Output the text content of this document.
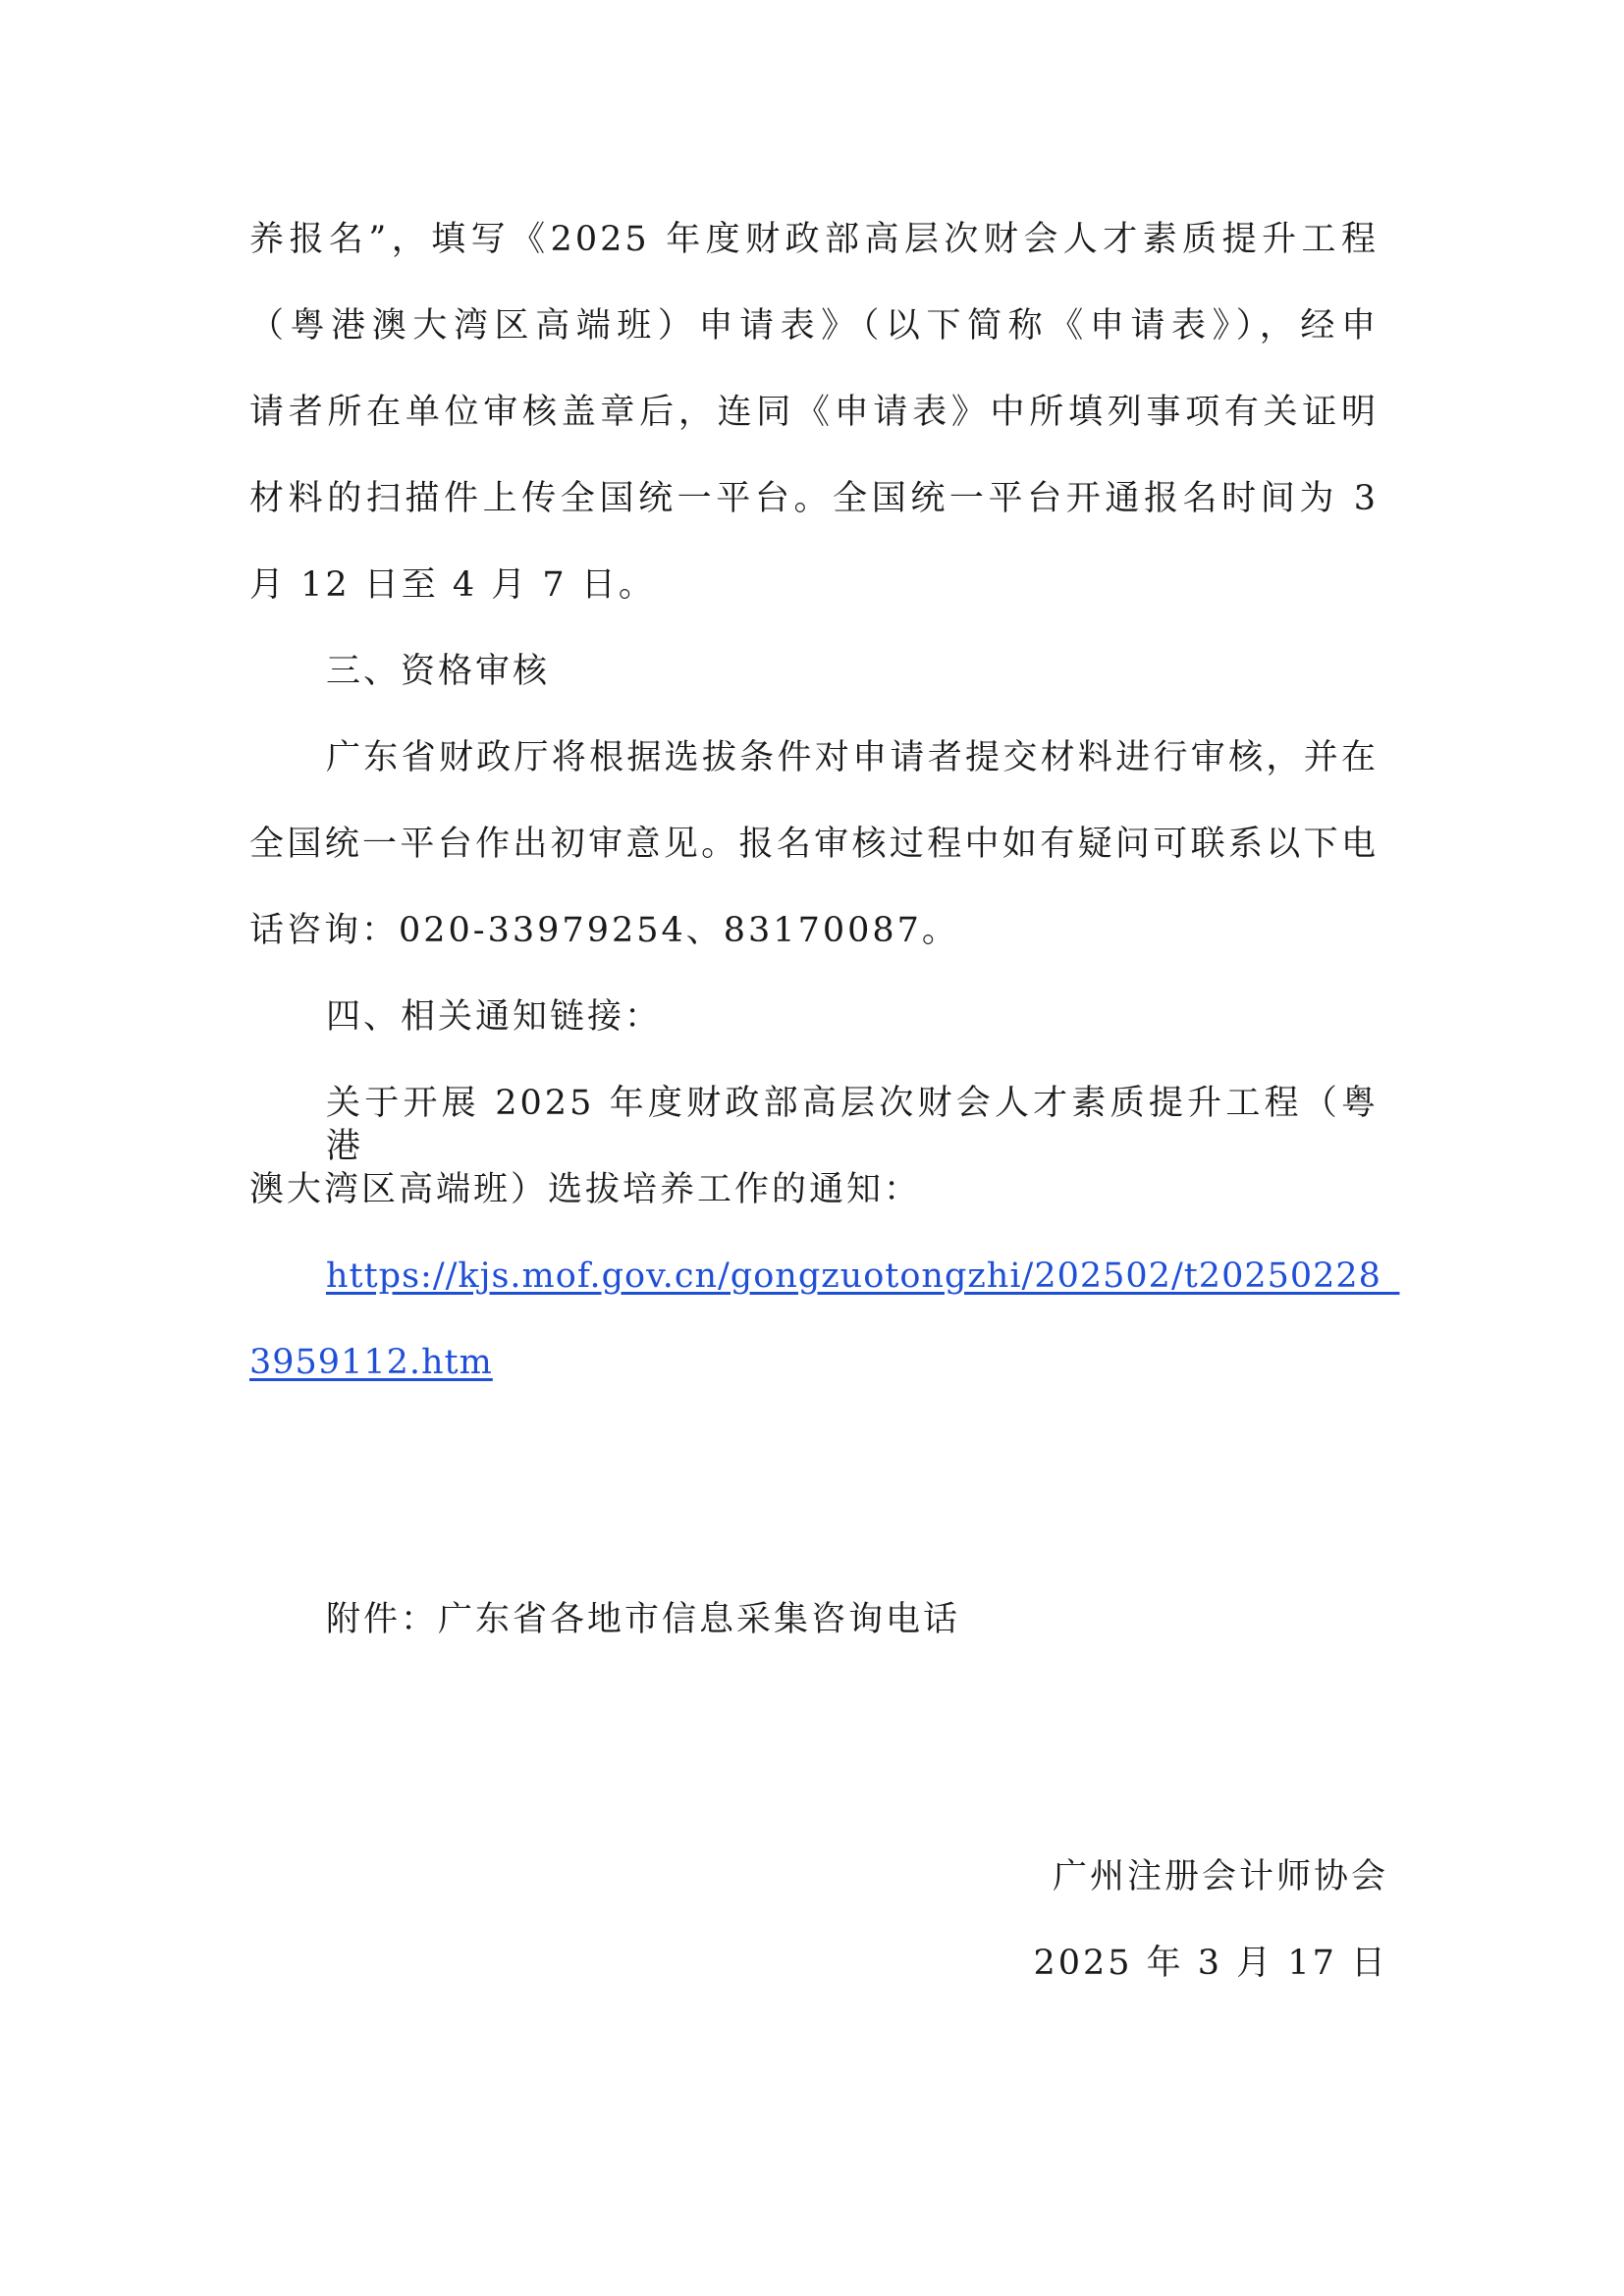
养报名”，填写《2025 年度财政部高层次财会人才素质提升工程
（粤港澳大湾区高端班）申请表》（以下简称《申请表》），经申
请者所在单位审核盖章后，连同《申请表》中所填列事项有关证明
材料的扫描件上传全国统一平台。全国统一平台开通报名时间为 3
月 12 日至 4 月 7 日。
三、资格审核
广东省财政厅将根据选拔条件对申请者提交材料进行审核，并在
全国统一平台作出初审意见。报名审核过程中如有疑问可联系以下电
话咨询：020-33979254、83170087。
四、相关通知链接：
关于开展 2025 年度财政部高层次财会人才素质提升工程（粤港
澳大湾区高端班）选拔培养工作的通知：
https://kjs.mof.gov.cn/gongzuotongzhi/202502/t20250228_
3959112.htm
附件：广东省各地市信息采集咨询电话
广州注册会计师协会
2025 年 3 月 17 日
